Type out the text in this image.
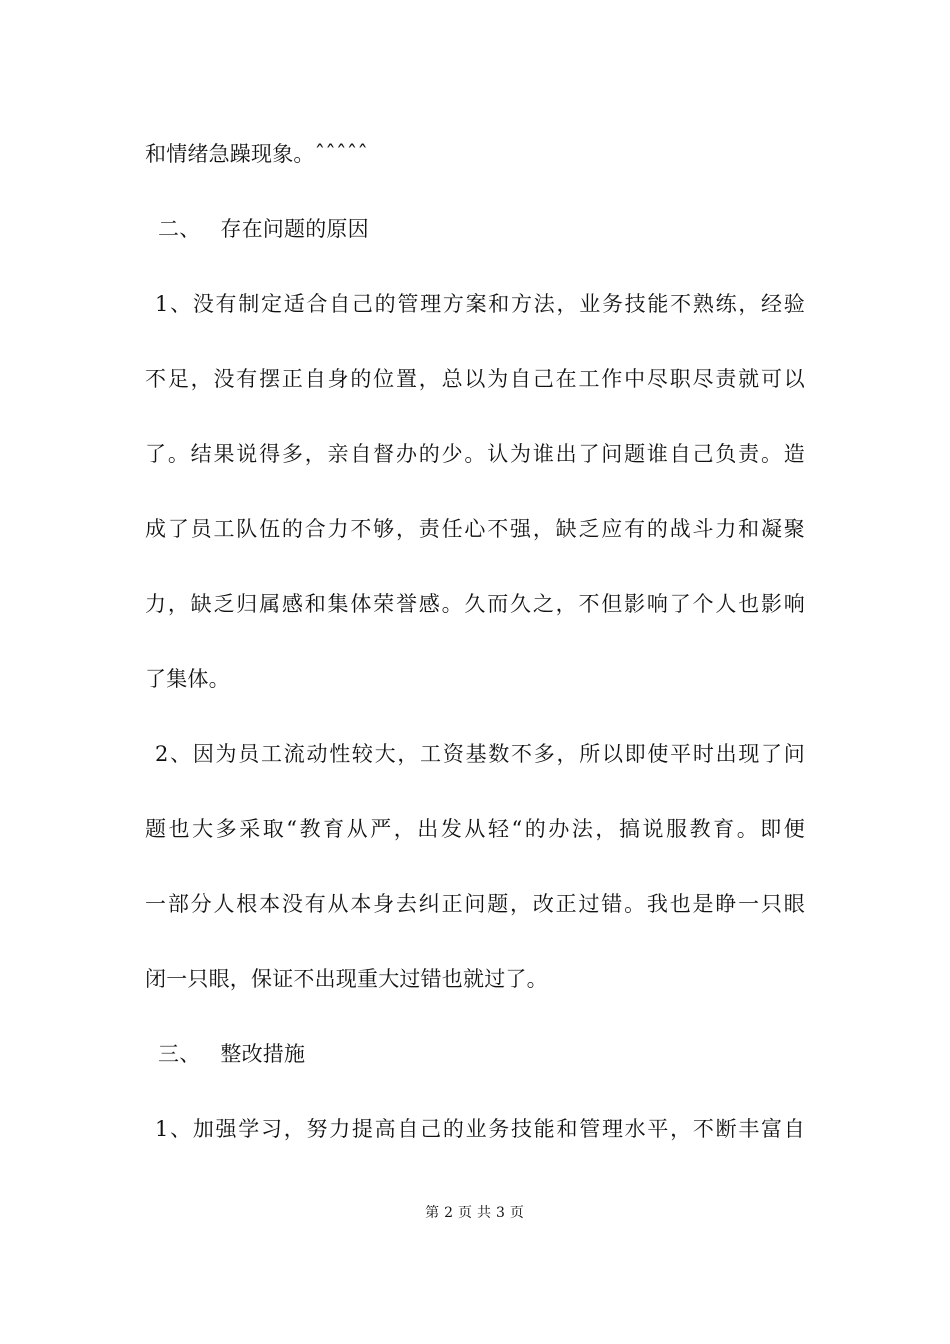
和情绪急躁现象。ˆˆˆˆˆ
二、 存在问题的原因
1、没有制定适合自己的管理方案和方法，业务技能不熟练，经验
不足，没有摆正自身的位置，总以为自己在工作中尽职尽责就可以
了。结果说得多，亲自督办的少。认为谁出了问题谁自己负责。造
成了员工队伍的合力不够，责任心不强，缺乏应有的战斗力和凝聚
力，缺乏归属感和集体荣誉感。久而久之，不但影响了个人也影响
了集体。
2、因为员工流动性较大，工资基数不多，所以即使平时出现了问
题也大多采取“教育从严，出发从轻“的办法，搞说服教育。即便
一部分人根本没有从本身去纠正问题，改正过错。我也是睁一只眼
闭一只眼，保证不出现重大过错也就过了。
三、 整改措施
1、加强学习，努力提高自己的业务技能和管理水平，不断丰富自
第 2 页 共 3 页
